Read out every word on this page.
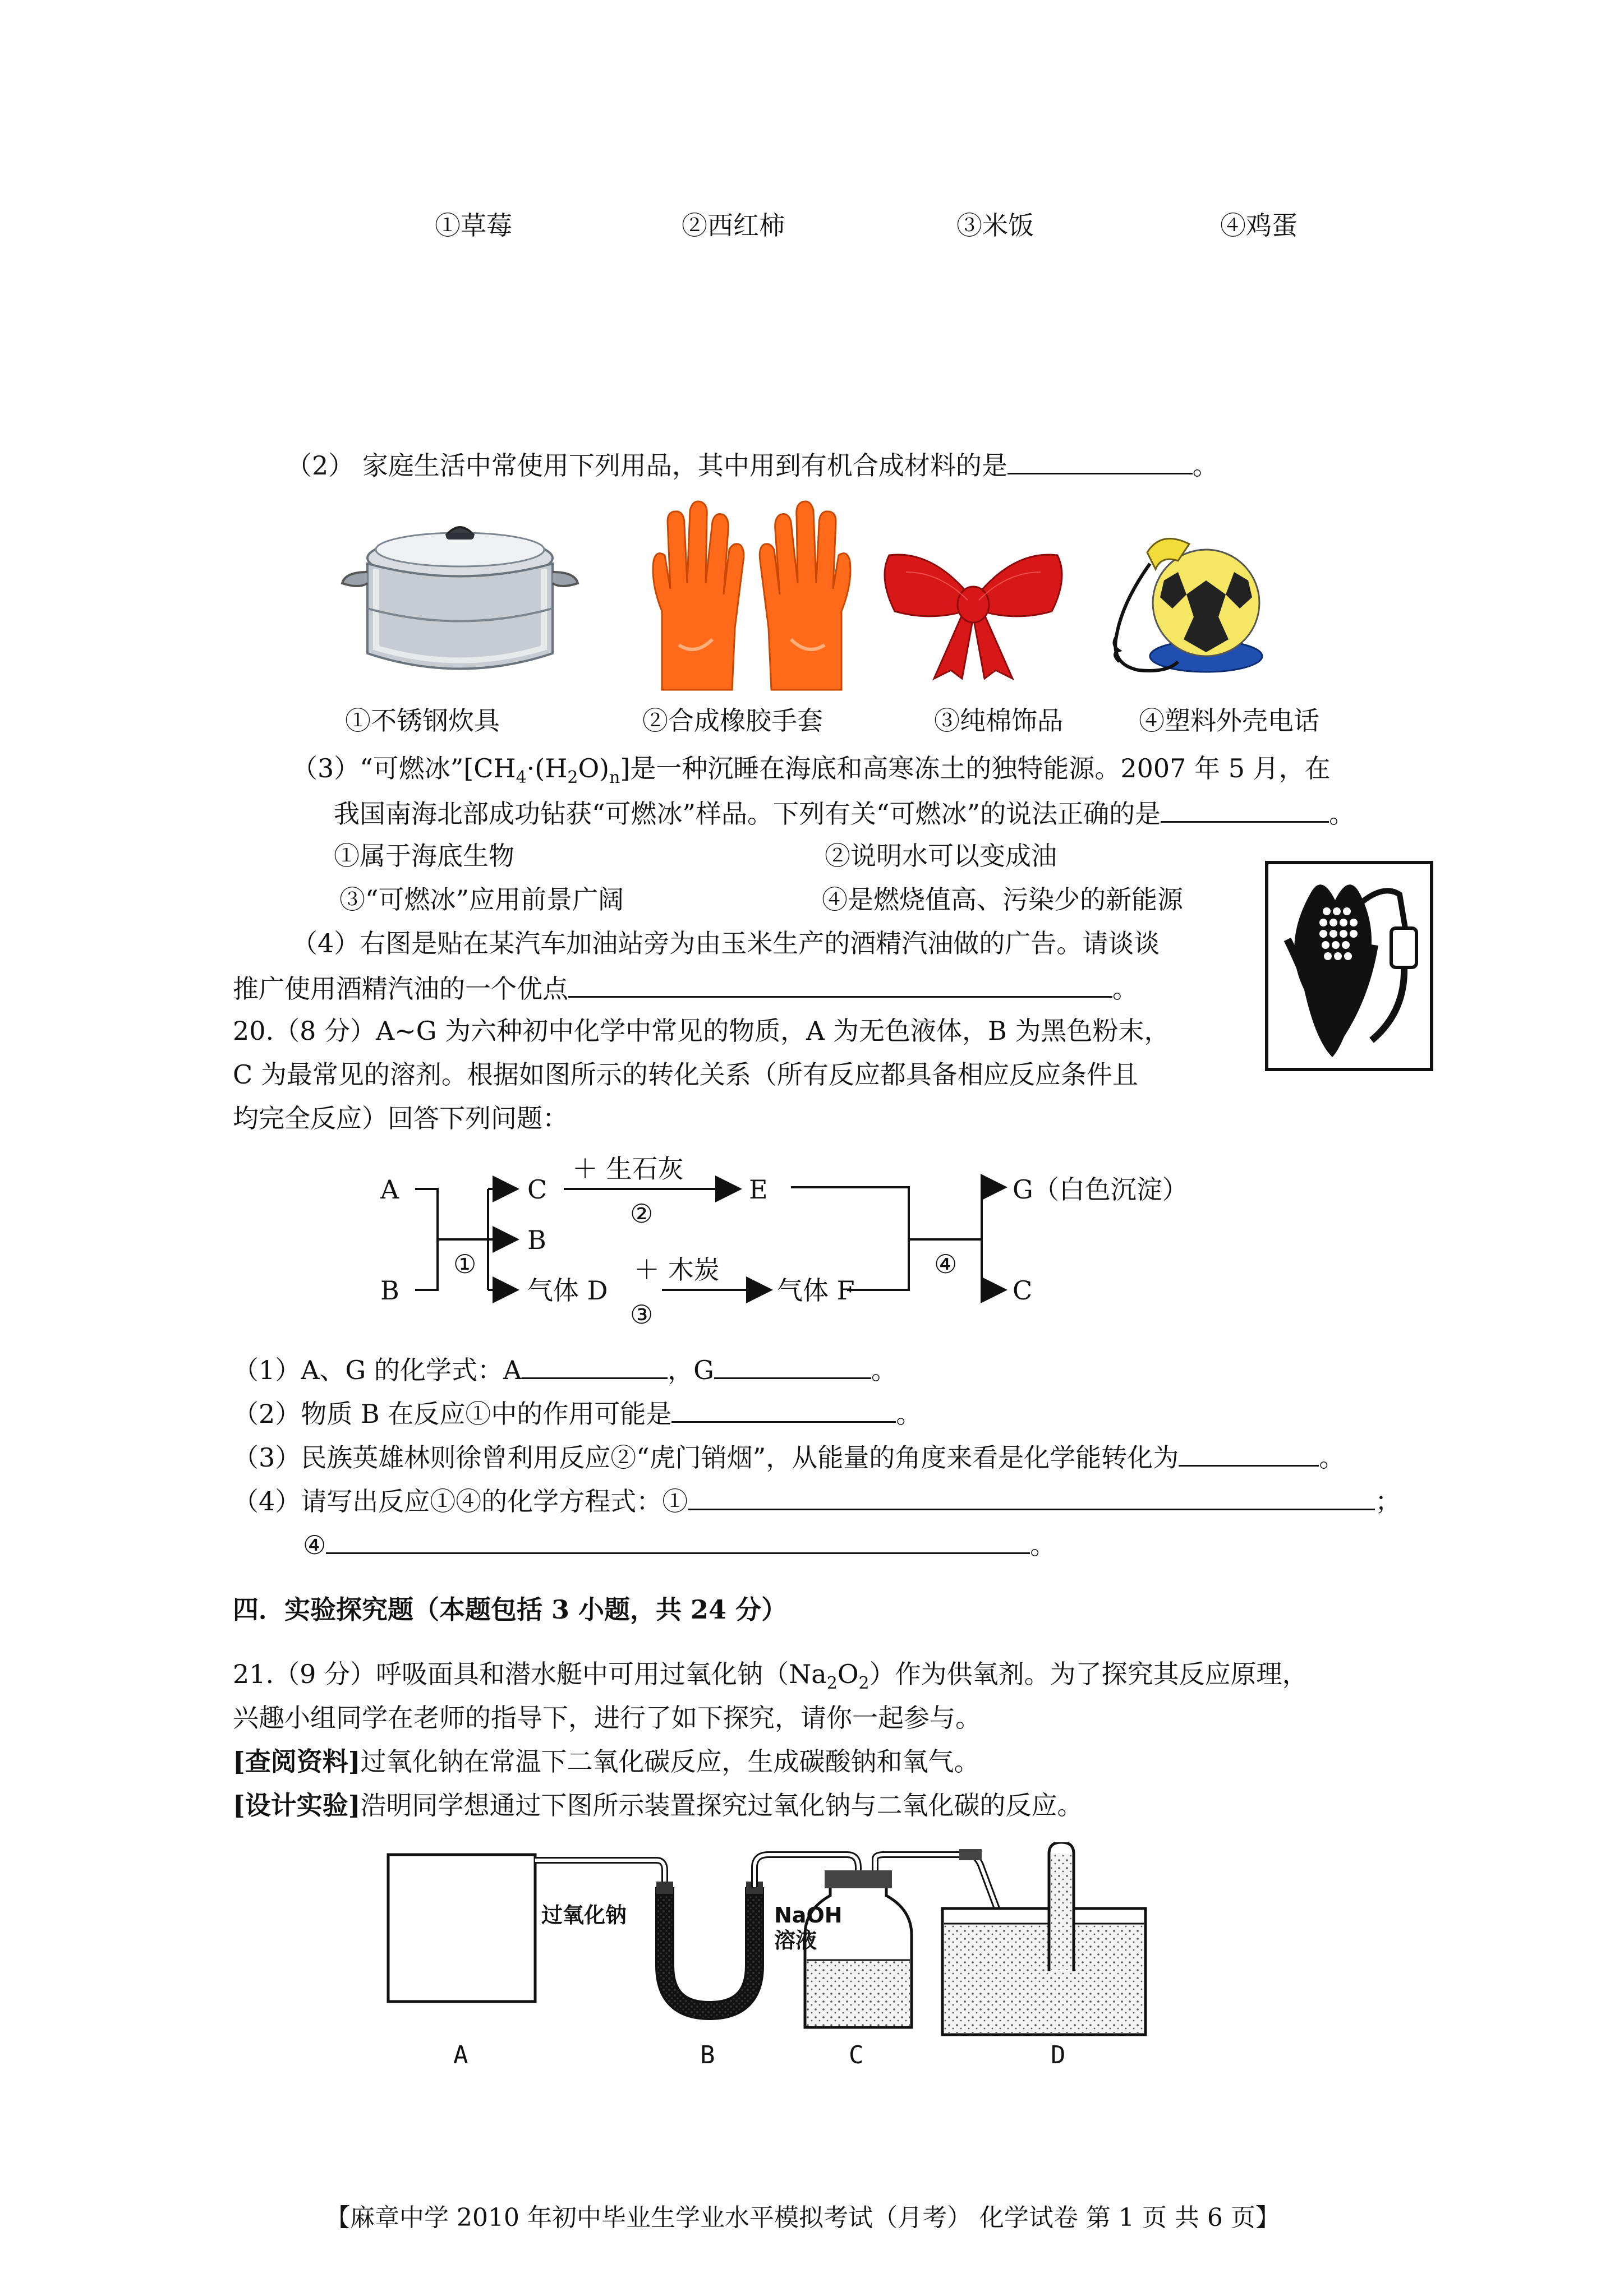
①草莓	②西红柿	③米饭	④鸡蛋
（2） 家庭生活中常使用下列用品，其中用到有机合成材料的是	。
①不锈钢炊具	②合成橡胶手套	③纯棉饰品	④塑料外壳电话
（3）“可燃冰$”[CH_4\cdot(H_2O)_n]$是一种沉睡在海底和高寒冻土的独特能源。2007 年 5 月，在
我国南海北部成功钻获“可燃冰”样品。下列有关“可燃冰”的说法正确的是	。
①属于海底生物	②说明水可以变成油
③“可燃冰”应用前景广阔	④是燃烧值高、污染少的新能源
（4）右图是贴在某汽车加油站旁为由玉米生产的酒精汽油做的广告。请谈谈
推广使用酒精汽油的一个优点	。
20.（8 分）A~G 为六种初中化学中常见的物质，A 为无色液体，B 为黑色粉末，
C 为最常见的溶剂。根据如图所示的转化关系（所有反应都具备相应反应条件且
均完全反应）回答下列问题：
A
B
C
B
气体 D
E
气体 F
G（白色沉淀）
C
＋ 生石灰
＋ 木炭
②
①
③
④
（1）A、G 的化学式：A	，G	。
（2）物质 B 在反应①中的作用可能是	。
（3）民族英雄林则徐曾利用反应②“虎门销烟”，从能量的角度来看是化学能转化为	。
（4）请写出反应①④的化学方程式：①	；
④	。
四．实验探究题（本题包括 3 小题，共 24 分）
21.（9 分）呼吸面具和潜水艇中可用过氧化钠$(Na_2O_2)$作为供氧剂。为了探究其反应原理，
兴趣小组同学在老师的指导下，进行了如下探究，请你一起参与。
[查阅资料]过氧化钠在常温下二氧化碳反应，生成碳酸钠和氧气。
[设计实验]浩明同学想通过下图所示装置探究过氧化钠与二氧化碳的反应。
过氧化钠	NaOH
溶液
A	B	C	D
【麻章中学 2010 年初中毕业生学业水平模拟考试（月考） 化学试卷 第 1 页 共 6 页】
